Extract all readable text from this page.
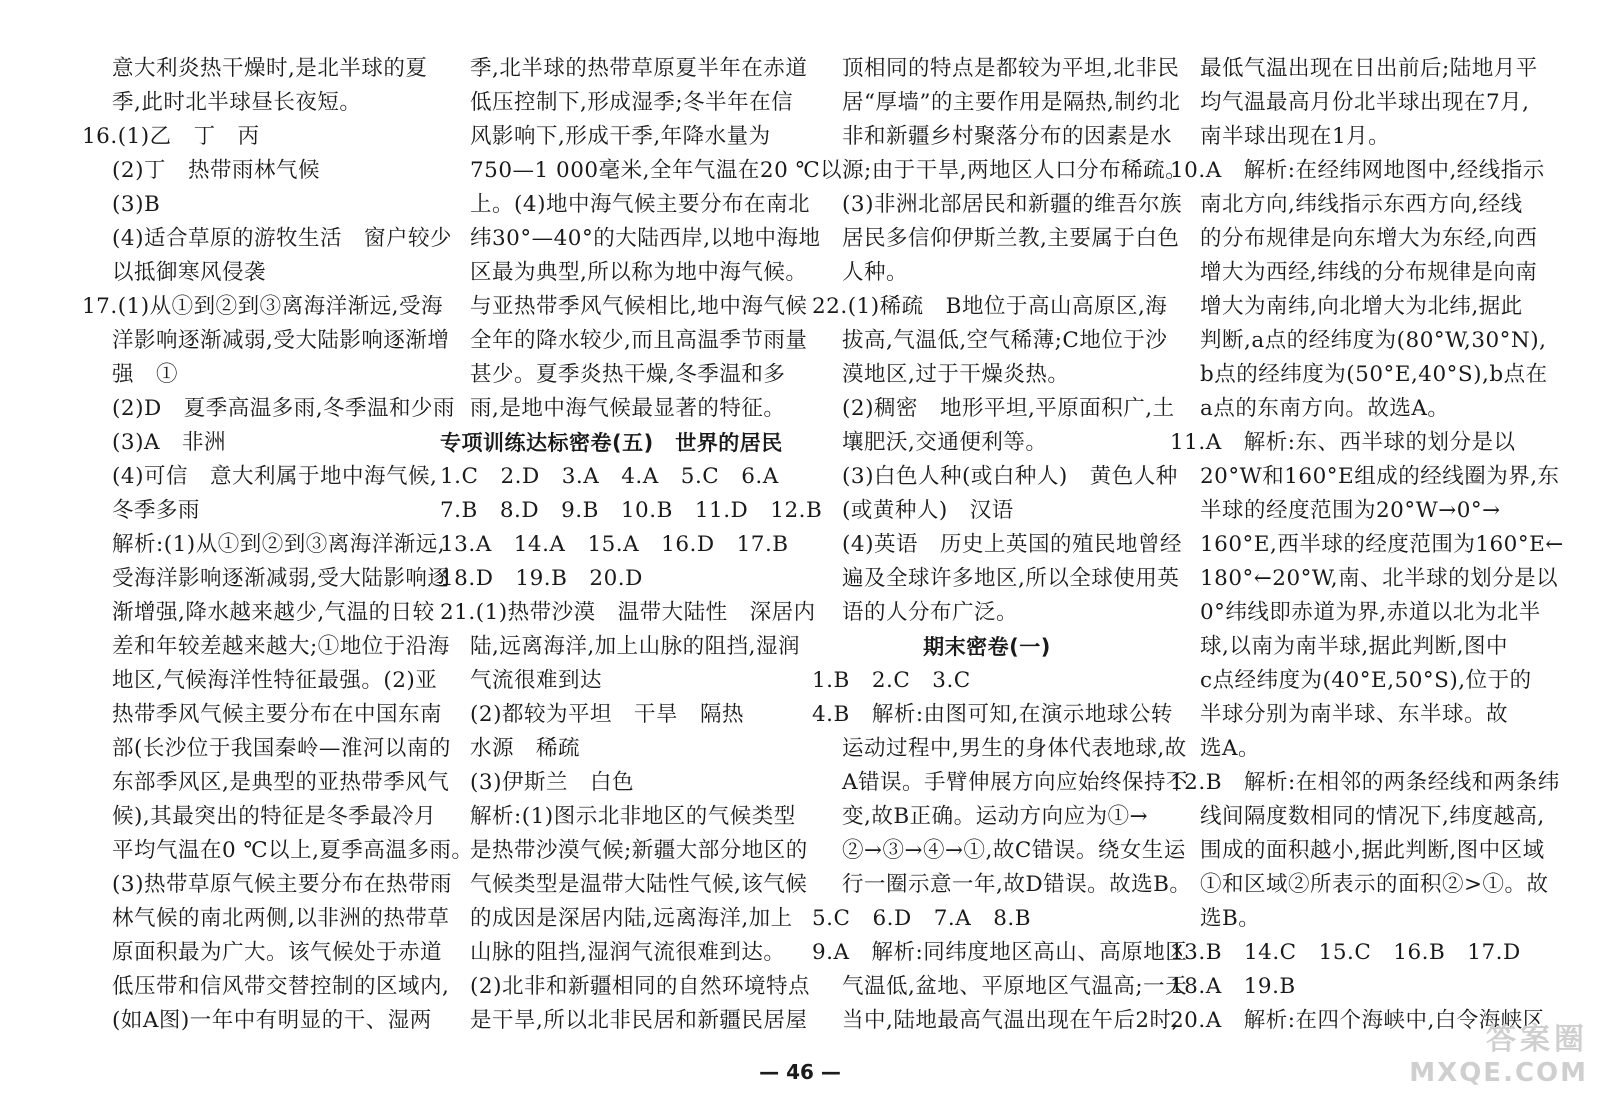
意大利炎热干燥时,是北半球的夏
季,此时北半球昼长夜短。
16.(1)乙　丁　丙
(2)丁　热带雨林气候
(3)B
(4)适合草原的游牧生活　窗户较少
以抵御寒风侵袭
17.(1)从①到②到③离海洋渐远,受海
洋影响逐渐减弱,受大陆影响逐渐增
强　①
(2)D　夏季高温多雨,冬季温和少雨
(3)A　非洲
(4)可信　意大利属于地中海气候,
冬季多雨
解析:(1)从①到②到③离海洋渐远,
受海洋影响逐渐减弱,受大陆影响逐
渐增强,降水越来越少,气温的日较
差和年较差越来越大;①地位于沿海
地区,气候海洋性特征最强。(2)亚
热带季风气候主要分布在中国东南
部(长沙位于我国秦岭—淮河以南的
东部季风区,是典型的亚热带季风气
候),其最突出的特征是冬季最冷月
平均气温在0 ℃以上,夏季高温多雨。
(3)热带草原气候主要分布在热带雨
林气候的南北两侧,以非洲的热带草
原面积最为广大。该气候处于赤道
低压带和信风带交替控制的区域内,
(如A图)一年中有明显的干、湿两
季,北半球的热带草原夏半年在赤道
低压控制下,形成湿季;冬半年在信
风影响下,形成干季,年降水量为
750—1 000毫米,全年气温在20 ℃以
上。(4)地中海气候主要分布在南北
纬30°—40°的大陆西岸,以地中海地
区最为典型,所以称为地中海气候。
与亚热带季风气候相比,地中海气候
全年的降水较少,而且高温季节雨量
甚少。夏季炎热干燥,冬季温和多
雨,是地中海气候最显著的特征。
专项训练达标密卷(五)　世界的居民
1.C　2.D　3.A　4.A　5.C　6.A
7.B　8.D　9.B　10.B　11.D　12.B
13.A　14.A　15.A　16.D　17.B
18.D　19.B　20.D
21.(1)热带沙漠　温带大陆性　深居内
陆,远离海洋,加上山脉的阻挡,湿润
气流很难到达
(2)都较为平坦　干旱　隔热
水源　稀疏
(3)伊斯兰　白色
解析:(1)图示北非地区的气候类型
是热带沙漠气候;新疆大部分地区的
气候类型是温带大陆性气候,该气候
的成因是深居内陆,远离海洋,加上
山脉的阻挡,湿润气流很难到达。
(2)北非和新疆相同的自然环境特点
是干旱,所以北非民居和新疆民居屋
顶相同的特点是都较为平坦,北非民
居“厚墙”的主要作用是隔热,制约北
非和新疆乡村聚落分布的因素是水
源;由于干旱,两地区人口分布稀疏。
(3)非洲北部居民和新疆的维吾尔族
居民多信仰伊斯兰教,主要属于白色
人种。
22.(1)稀疏　B地位于高山高原区,海
拔高,气温低,空气稀薄;C地位于沙
漠地区,过于干燥炎热。
(2)稠密　地形平坦,平原面积广,土
壤肥沃,交通便利等。
(3)白色人种(或白种人)　黄色人种
(或黄种人)　汉语
(4)英语　历史上英国的殖民地曾经
遍及全球许多地区,所以全球使用英
语的人分布广泛。
期末密卷(一)
1.B　2.C　3.C
4.B　解析:由图可知,在演示地球公转
运动过程中,男生的身体代表地球,故
A错误。手臂伸展方向应始终保持不
变,故B正确。运动方向应为①→
②→③→④→①,故C错误。绕女生运
行一圈示意一年,故D错误。故选B。
5.C　6.D　7.A　8.B
9.A　解析:同纬度地区高山、高原地区
气温低,盆地、平原地区气温高;一天
当中,陆地最高气温出现在午后2时,
最低气温出现在日出前后;陆地月平
均气温最高月份北半球出现在7月,
南半球出现在1月。
10.A　解析:在经纬网地图中,经线指示
南北方向,纬线指示东西方向,经线
的分布规律是向东增大为东经,向西
增大为西经,纬线的分布规律是向南
增大为南纬,向北增大为北纬,据此
判断,a点的经纬度为(80°W,30°N),
b点的经纬度为(50°E,40°S),b点在
a点的东南方向。故选A。
11.A　解析:东、西半球的划分是以
20°W和160°E组成的经线圈为界,东
半球的经度范围为20°W→0°→
160°E,西半球的经度范围为160°E←
180°←20°W,南、北半球的划分是以
0°纬线即赤道为界,赤道以北为北半
球,以南为南半球,据此判断,图中
c点经纬度为(40°E,50°S),位于的
半球分别为南半球、东半球。故
选A。
12.B　解析:在相邻的两条经线和两条纬
线间隔度数相同的情况下,纬度越高,
围成的面积越小,据此判断,图中区域
①和区域②所表示的面积②>①。故
选B。
13.B　14.C　15.C　16.B　17.D
18.A　19.B
20.A　解析:在四个海峡中,白令海峡区
— 46 —
答案圈
MXQE.COM
